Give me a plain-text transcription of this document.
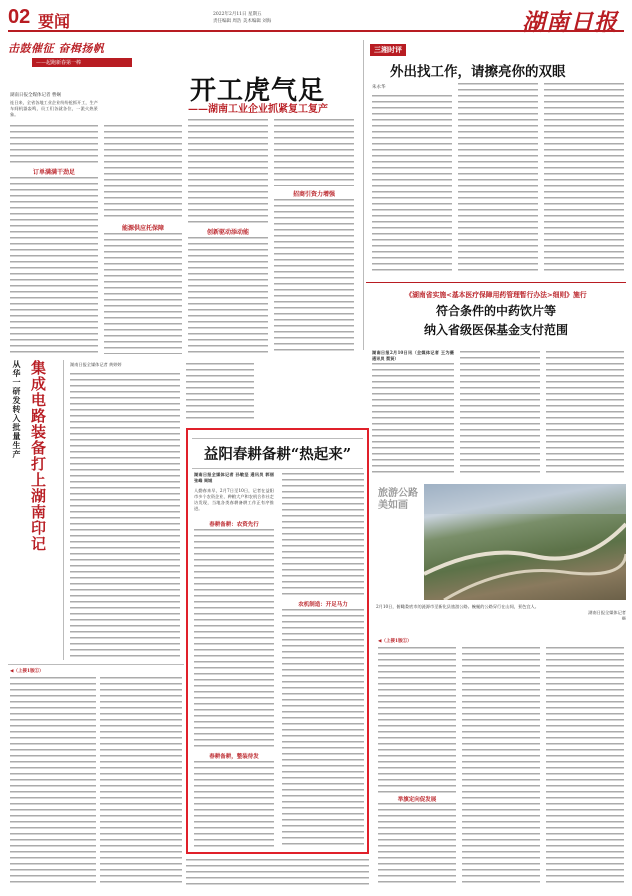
02 要闻	2022年2月11日 星期五
责任编辑 周浩 美术编辑 刘海	湖南日报
击鼓催征 奋楫扬帆
——起跑新春第一棒
湖南日报全媒体记者 曹娴	开工虎气足
——湖南工业企业抓紧复工复产
连日来，全省各地工业企业纷纷抢抓开工，生产车间机器轰鸣，员工们各就各位，一派火热景象。
订单满满干劲足
能源供应托保障
创新驱动添动能
招商引资力增强
三湘时评
外出找工作，请擦亮你的双眼
朱永华
《湖南省实施<基本医疗保障用药管理暂行办法>细则》施行
符合条件的中药饮片等
纳入省级医保基金支付范围
湖南日报2月10日讯（全媒体记者 王为薇 通讯员 蔡贤）
从华一研发转入批量生产 集成电路装备打上湖南印记	湖南日报全媒体记者 黄婷婷
益阳春耕备耕“热起来”
湖南日报全媒体记者 孙敏坚 通讯员 郭丽 张峰 周城
人勤春来早，2月7日至10日，记者在益阳市多个农资企业、种粮大户和农机合作社走访发现，当地各类春耕备耕工作正有序推进。
春耕备耕：农资先行
春耕备耕，整装待发
农机制造：开足马力
旅游公路美如画
2月10日，俯瞰娄底市的涟源市至新化县旅游公路。蜿蜒的公路穿行在山间，景色宜人。
湖南日报全媒体记者 摄
◀（上接1版①）
举旗定向促发展
◀（上接1版①）
